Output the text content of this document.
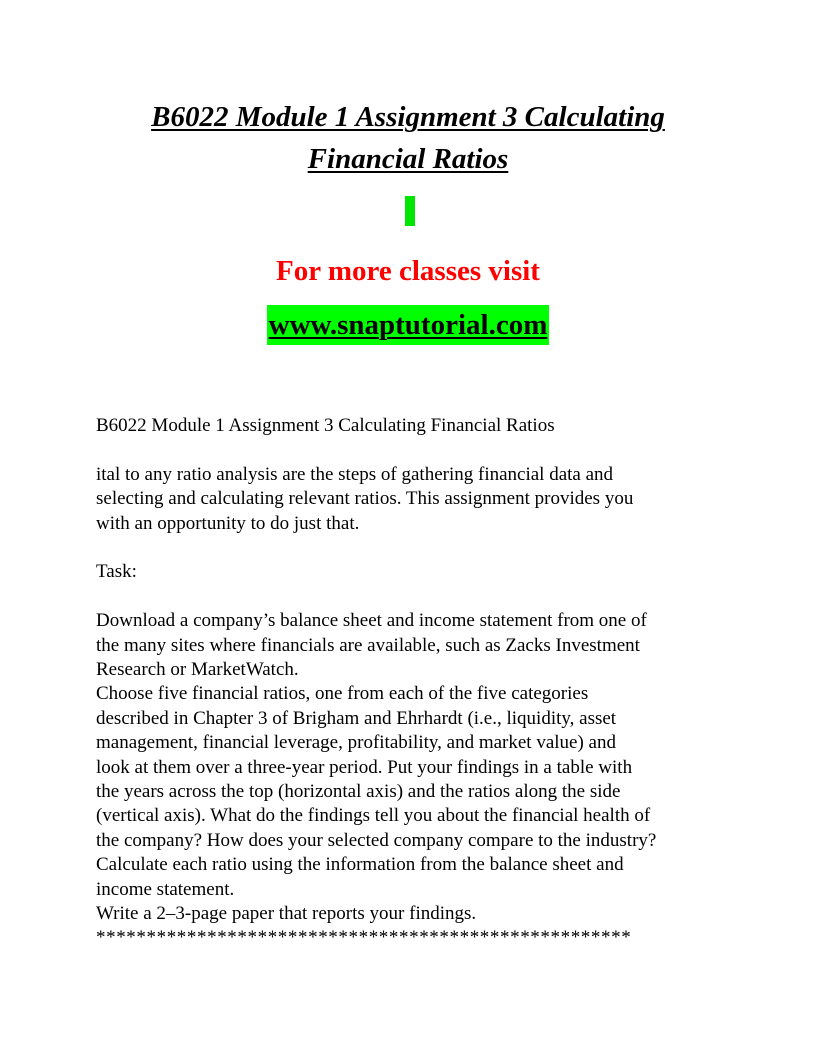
B6022 Module 1 Assignment 3 Calculating
Financial Ratios

For more classes visit

www.snaptutorial.com

B6022 Module 1 Assignment 3 Calculating Financial Ratios

ital to any ratio analysis are the steps of gathering financial data and

selecting and calculating relevant ratios. This assignment provides you

with an opportunity to do just that.

Task:

Download a company’s balance sheet and income statement from one of

the many sites where financials are available, such as Zacks Investment

Research or MarketWatch.

Choose five financial ratios, one from each of the five categories

described in Chapter 3 of Brigham and Ehrhardt (i.e., liquidity, asset

management, financial leverage, profitability, and market value) and

look at them over a three-year period. Put your findings in a table with

the years across the top (horizontal axis) and the ratios along the side

(vertical axis). What do the findings tell you about the financial health of

the company? How does your selected company compare to the industry?

Calculate each ratio using the information from the balance sheet and

income statement.

Write a 2–3-page paper that reports your findings.

*****************************************************
